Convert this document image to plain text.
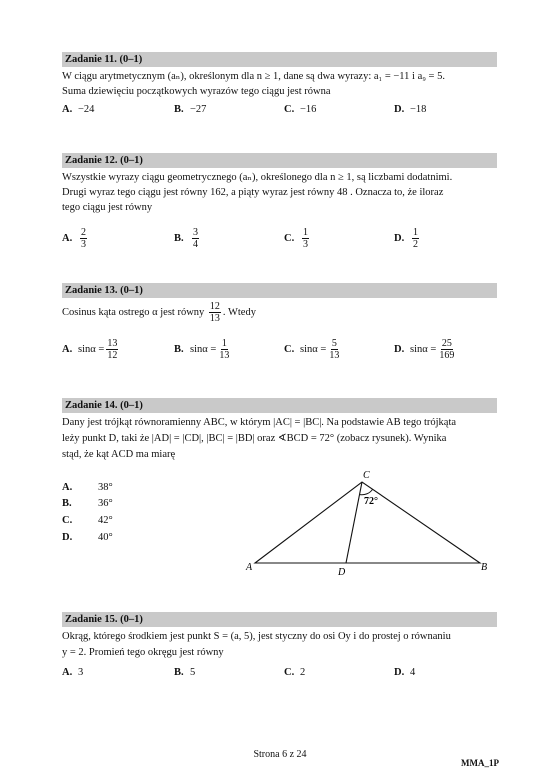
Zadanie 11. (0–1)
W ciągu arytmetycznym (aₙ), określonym dla n ≥ 1, dane są dwa wyrazy: a₁ = −11 i a₉ = 5.
Suma dziewięciu początkowych wyrazów tego ciągu jest równa
A. −24	B. −27	C. −16	D. −18
Zadanie 12. (0–1)
Wszystkie wyrazy ciągu geometrycznego (aₙ), określonego dla n ≥ 1, są liczbami dodatnimi.
Drugi wyraz tego ciągu jest równy 162, a piąty wyraz jest równy 48 . Oznacza to, że iloraz
tego ciągu jest równy
A. $\frac{2}{3}$	B. $\frac{3}{4}$	C. $\frac{1}{3}$	D. $\frac{1}{2}$
Zadanie 13. (0–1)
Cosinus kąta ostrego α jest równy $\frac{12}{13}$ . Wtedy
A. $\sin\alpha = \frac{13}{12}$	B. $\sin\alpha = \frac{1}{13}$	C. $\sin\alpha = \frac{5}{13}$	D. $\sin\alpha = \frac{25}{169}$
Zadanie 14. (0–1)
Dany jest trójkąt równoramienny ABC, w którym |AC| = |BC|. Na podstawie AB tego trójkąta
leży punkt D, taki że |AD| = |CD|, |BC| = |BD| oraz ∢BCD = 72° (zobacz rysunek). Wynika
stąd, że kąt ACD ma miarę
A. 38°
B.	36°
C. 42°
D. 40°
72°
C
A	B
D
Zadanie 15. (0–1)
Okrąg, którego środkiem jest punkt S = (a, 5), jest styczny do osi Oy i do prostej o równaniu
y = 2. Promień tego okręgu jest równy
A. 3	B. 5	C. 2	D. 4
Strona 6 z 24
MMA_1P
